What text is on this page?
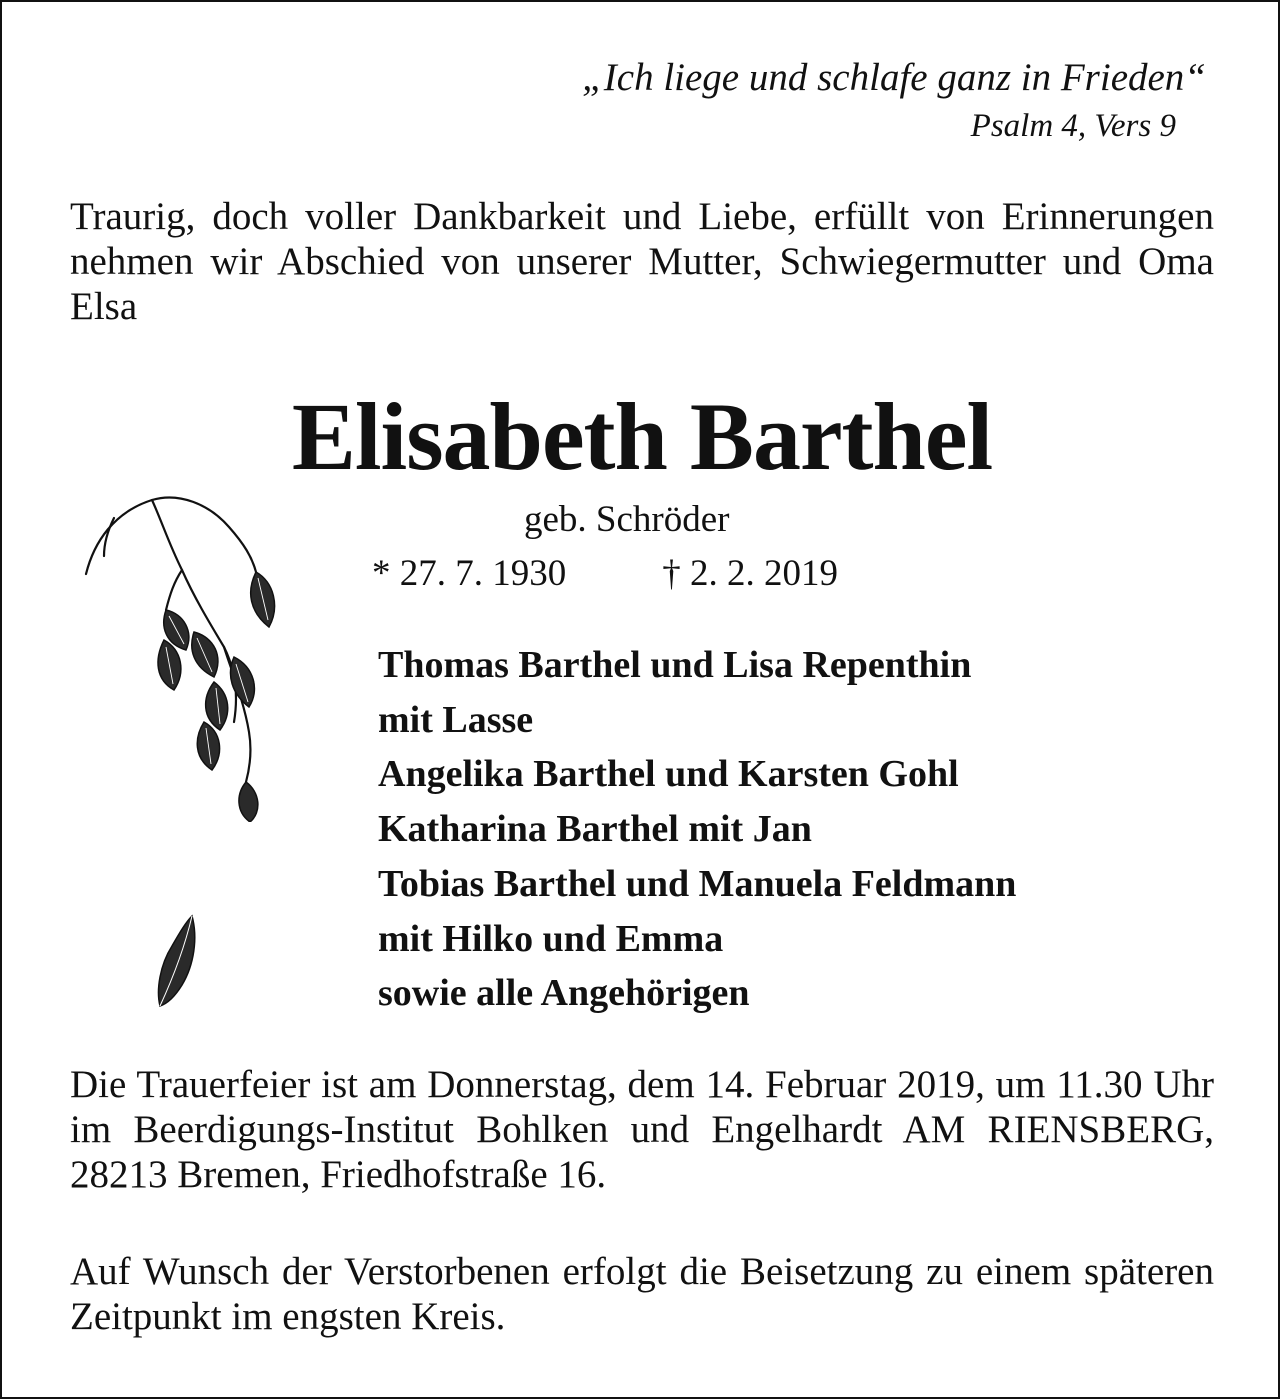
„Ich liege und schlafe ganz in Frieden“
Psalm 4, Vers 9
Traurig, doch voller Dankbarkeit und Liebe, erfüllt von Erinnerungen nehmen wir Abschied von unserer Mutter, Schwiegermutter und Oma Elsa
Elisabeth Barthel
geb. Schröder
* 27. 7. 1930	† 2. 2. 2019
Thomas Barthel und Lisa Repenthin
mit Lasse
Angelika Barthel und Karsten Gohl
Katharina Barthel mit Jan
Tobias Barthel und Manuela Feldmann
mit Hilko und Emma
sowie alle Angehörigen
Die Trauerfeier ist am Donnerstag, dem 14. Februar 2019, um 11.30 Uhr im Beerdigungs-Institut Bohlken und Engelhardt AM RIENSBERG, 28213 Bremen, Friedhofstraße 16.
Auf Wunsch der Verstorbenen erfolgt die Beisetzung zu einem späteren Zeitpunkt im engsten Kreis.
